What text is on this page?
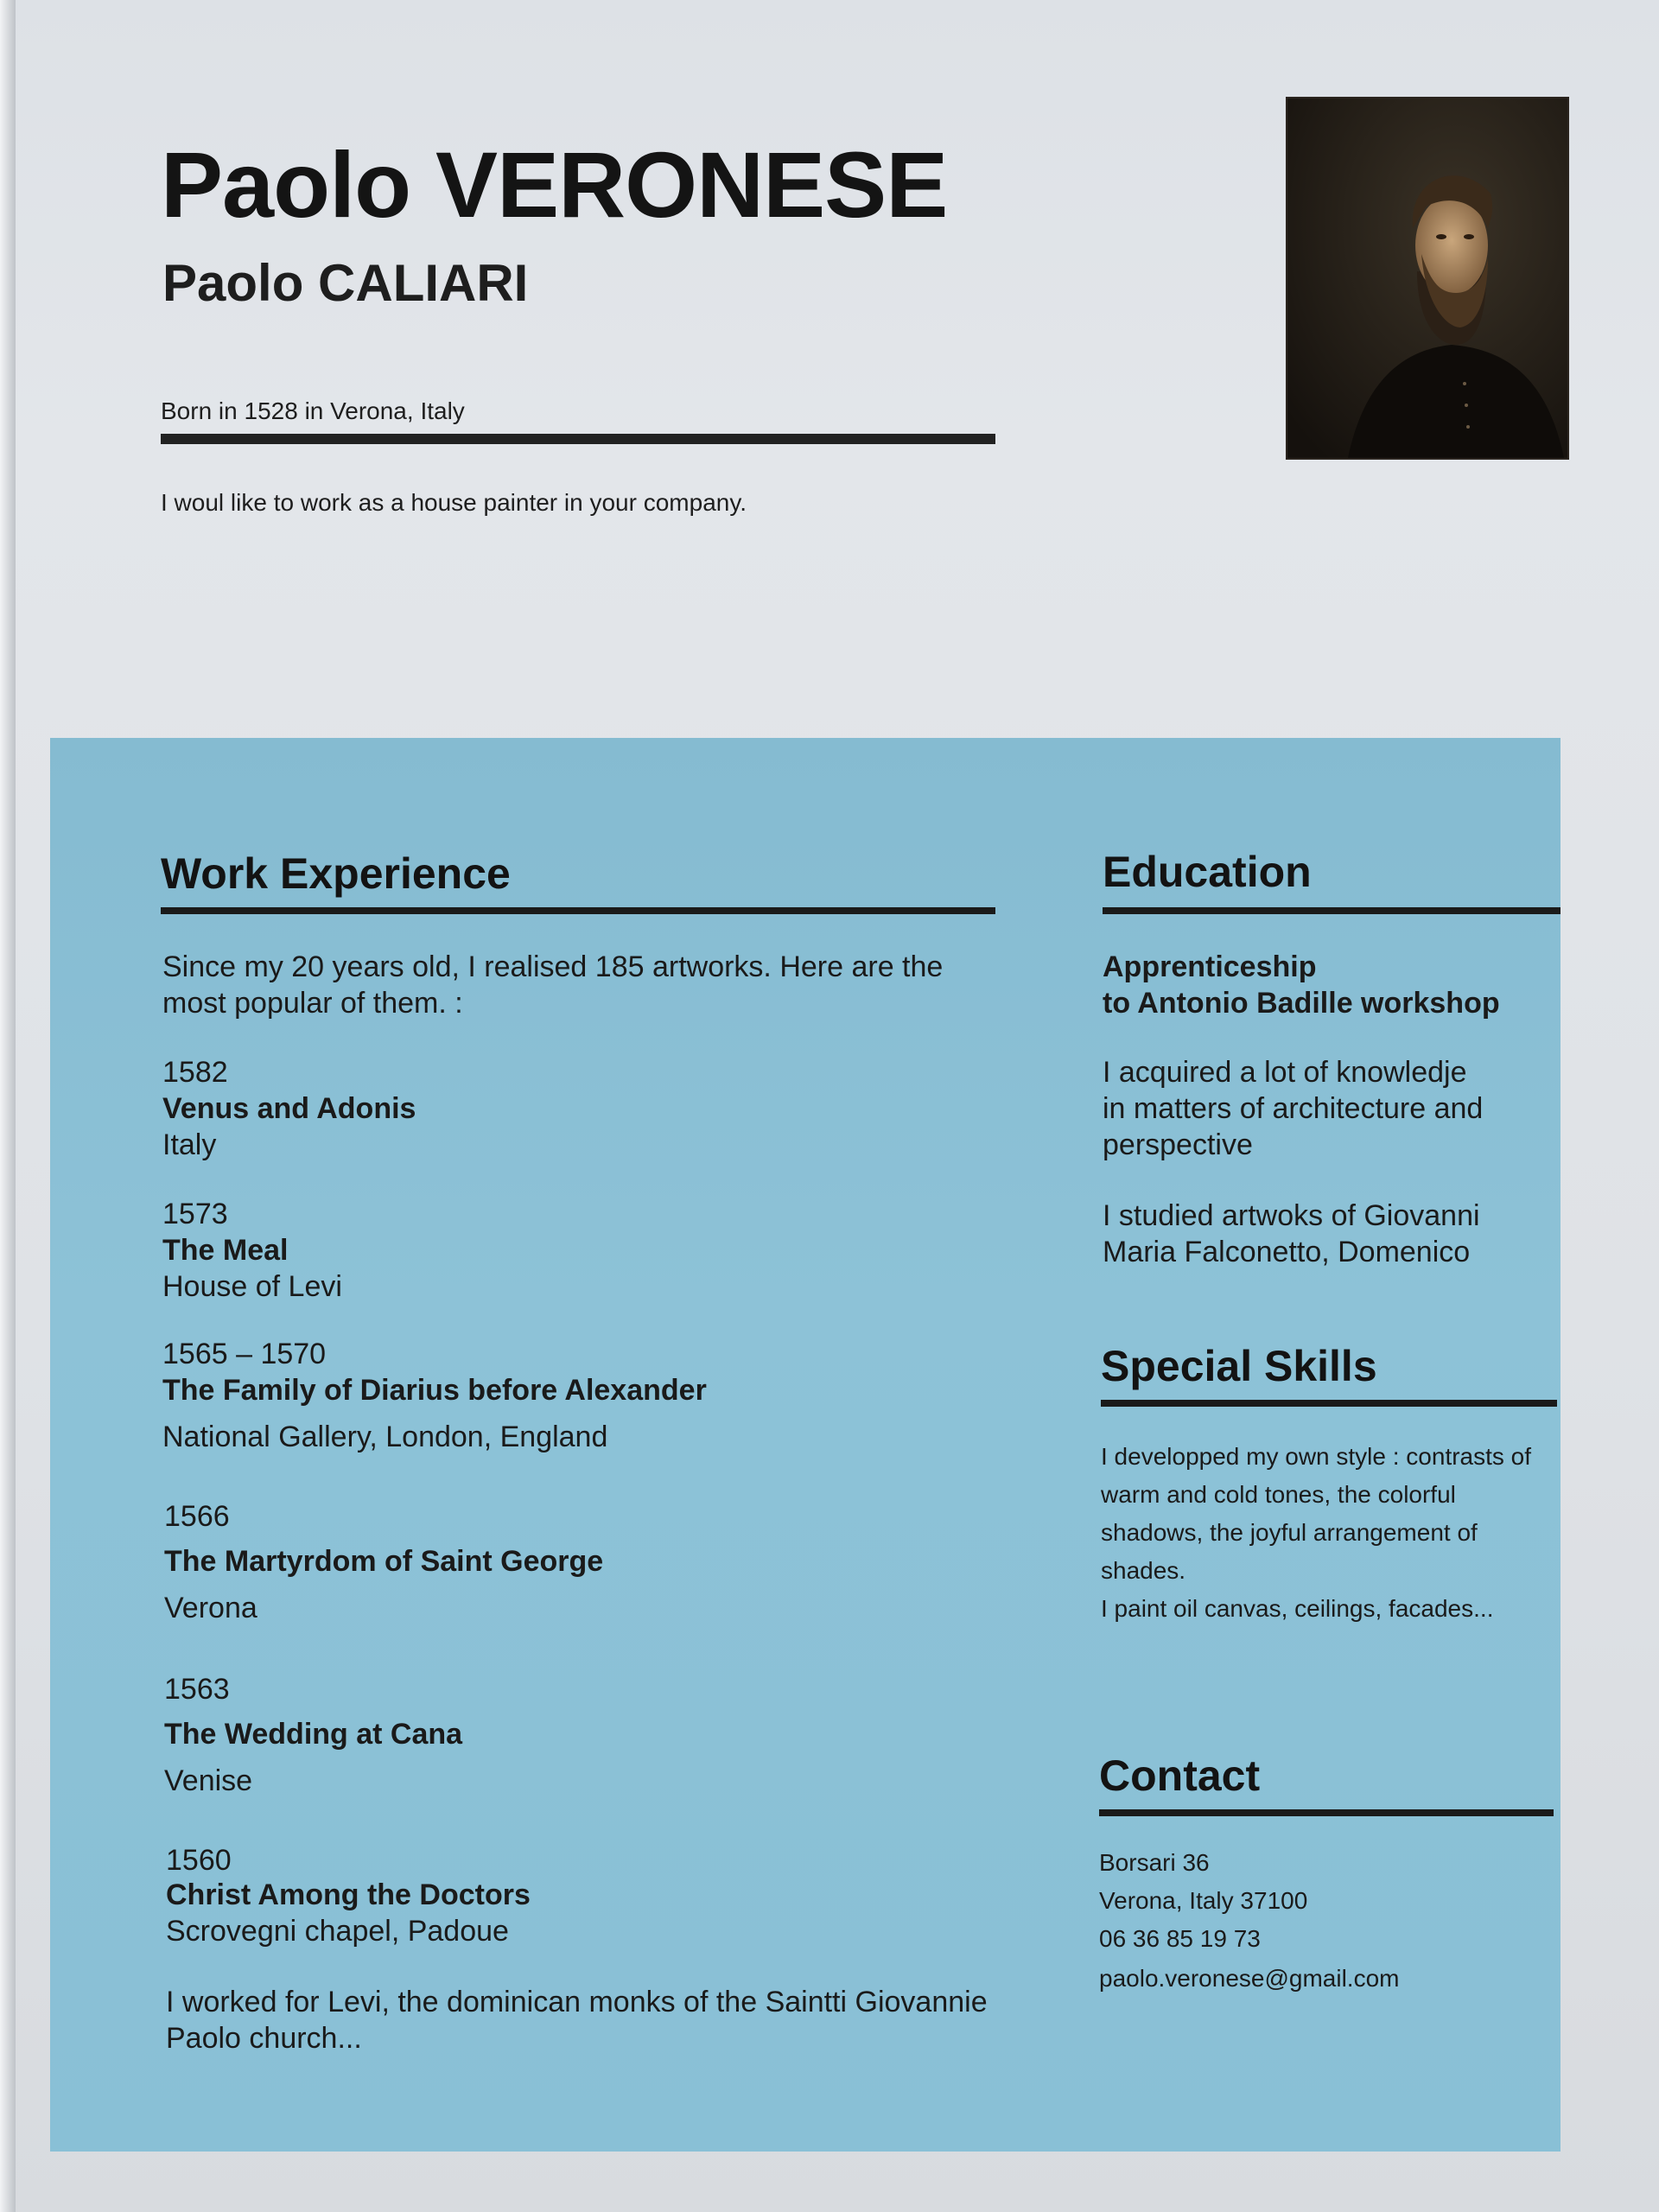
Paolo VERONESE
Paolo CALIARI
Born in 1528 in Verona, Italy
I woul like to work as a house painter in your company.
Work Experience
Since my 20 years old, I realised 185 artworks. Here are the
most popular of them. :
1582
Venus and Adonis
Italy
1573
The Meal
House of Levi
1565 – 1570
The Family of Diarius before Alexander
National Gallery, London, England
1566
The Martyrdom of Saint George
Verona
1563
The Wedding at Cana
Venise
1560
Christ Among the Doctors
Scrovegni chapel, Padoue
I worked for Levi, the dominican monks of the Saintti Giovannie
Paolo church...
Education
Apprenticeship
to Antonio Badille workshop
I acquired a lot of knowledje
in matters of architecture and
perspective
I studied artwoks of Giovanni
Maria Falconetto, Domenico
Special Skills
I developped my own style : contrasts of
warm and cold tones, the colorful
shadows, the joyful arrangement of
shades.
I paint oil canvas, ceilings, facades...
Contact
Borsari 36
Verona, Italy 37100
06 36 85 19 73
paolo.veronese@gmail.com
